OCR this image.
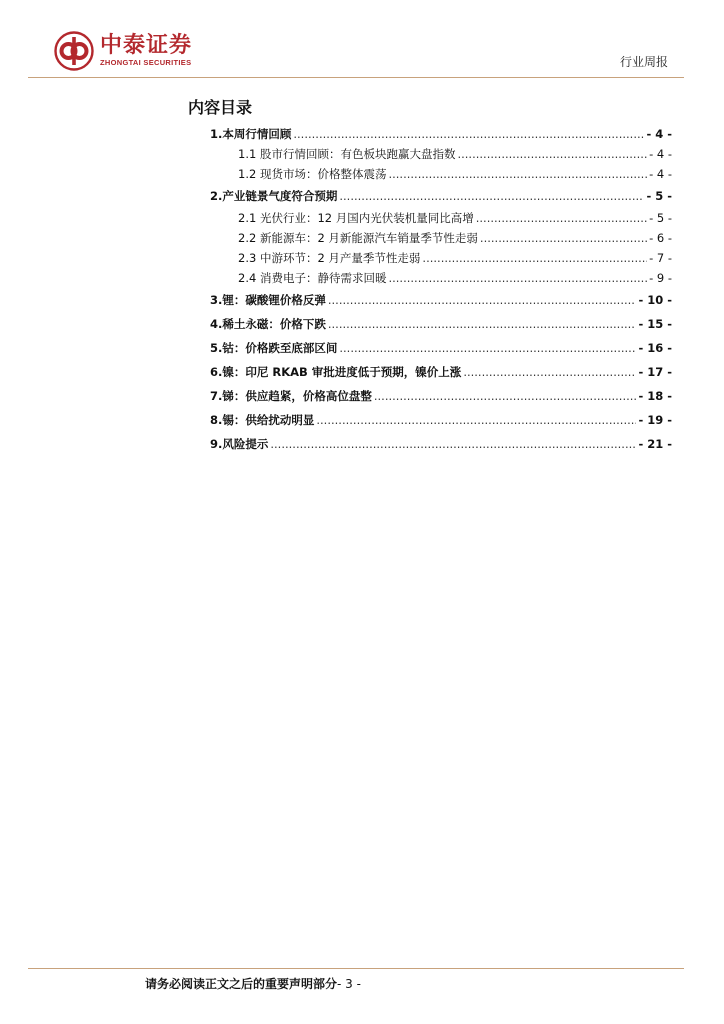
中泰证券
ZHONGTAI SECURITIES	行业周报
内容目录
1.本周行情回顾 .....	- 4 -
1.1 股市行情回顾：有色板块跑赢大盘指数 .....	- 4 -
1.2 现货市场：价格整体震荡 .....	- 4 -
2.产业链景气度符合预期 .....	- 5 -
2.1 光伏行业：12 月国内光伏装机量同比高增 .....	- 5 -
2.2 新能源车：2 月新能源汽车销量季节性走弱 .....	- 6 -
2.3 中游环节：2 月产量季节性走弱 .....	- 7 -
2.4 消费电子：静待需求回暖 .....	- 9 -
3.锂：碳酸锂价格反弹 .....	- 10 -
4.稀土永磁：价格下跌 .....	- 15 -
5.钴：价格跌至底部区间 .....	- 16 -
6.镍：印尼 RKAB 审批进度低于预期，镍价上涨 .....	- 17 -
7.锑：供应趋紧，价格高位盘整 .....	- 18 -
8.锡：供给扰动明显 .....	- 19 -
9.风险提示 .....	- 21 -
请务必阅读正文之后的重要声明部分- 3 -
